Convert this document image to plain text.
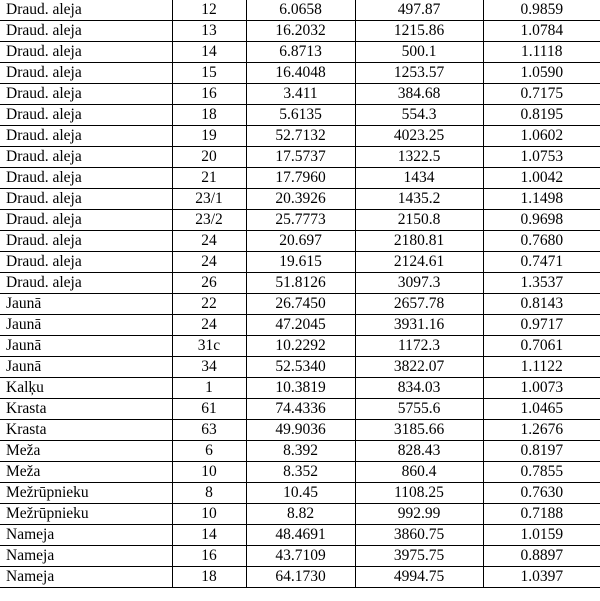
Draud. aleja	12	6.0658	497.87	0.9859
Draud. aleja	13	16.2032	1215.86	1.0784
Draud. aleja	14	6.8713	500.1	1.1118
Draud. aleja	15	16.4048	1253.57	1.0590
Draud. aleja	16	3.411	384.68	0.7175
Draud. aleja	18	5.6135	554.3	0.8195
Draud. aleja	19	52.7132	4023.25	1.0602
Draud. aleja	20	17.5737	1322.5	1.0753
Draud. aleja	21	17.7960	1434	1.0042
Draud. aleja	23/1	20.3926	1435.2	1.1498
Draud. aleja	23/2	25.7773	2150.8	0.9698
Draud. aleja	24	20.697	2180.81	0.7680
Draud. aleja	24	19.615	2124.61	0.7471
Draud. aleja	26	51.8126	3097.3	1.3537
Jaunā	22	26.7450	2657.78	0.8143
Jaunā	24	47.2045	3931.16	0.9717
Jaunā	31c	10.2292	1172.3	0.7061
Jaunā	34	52.5340	3822.07	1.1122
Kalķu	1	10.3819	834.03	1.0073
Krasta	61	74.4336	5755.6	1.0465
Krasta	63	49.9036	3185.66	1.2676
Meža	6	8.392	828.43	0.8197
Meža	10	8.352	860.4	0.7855
Mežrūpnieku	8	10.45	1108.25	0.7630
Mežrūpnieku	10	8.82	992.99	0.7188
Nameja	14	48.4691	3860.75	1.0159
Nameja	16	43.7109	3975.75	0.8897
Nameja	18	64.1730	4994.75	1.0397
